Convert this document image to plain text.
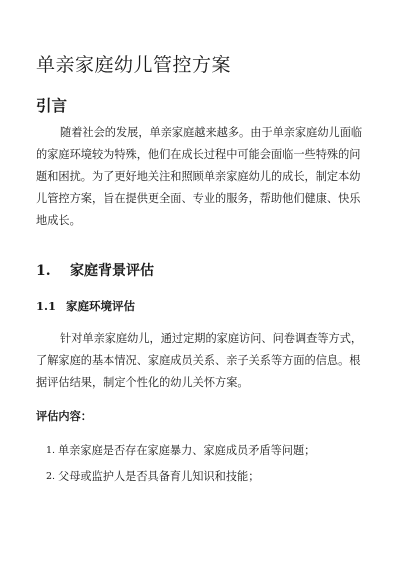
单亲家庭幼儿管控方案
引言

随着社会的发展，单亲家庭越来越多。由于单亲家庭幼儿面临
的家庭环境较为特殊，他们在成长过程中可能会面临一些特殊的问
题和困扰。为了更好地关注和照顾单亲家庭幼儿的成长，制定本幼
儿管控方案，旨在提供更全面、专业的服务，帮助他们健康、快乐
地成长。

1. 家庭背景评估
1.1 家庭环境评估

针对单亲家庭幼儿，通过定期的家庭访问、问卷调查等方式，
了解家庭的基本情况、家庭成员关系、亲子关系等方面的信息。根
据评估结果，制定个性化的幼儿关怀方案。

评估内容：

1. 单亲家庭是否存在家庭暴力、家庭成员矛盾等问题；
2. 父母或监护人是否具备育儿知识和技能；
